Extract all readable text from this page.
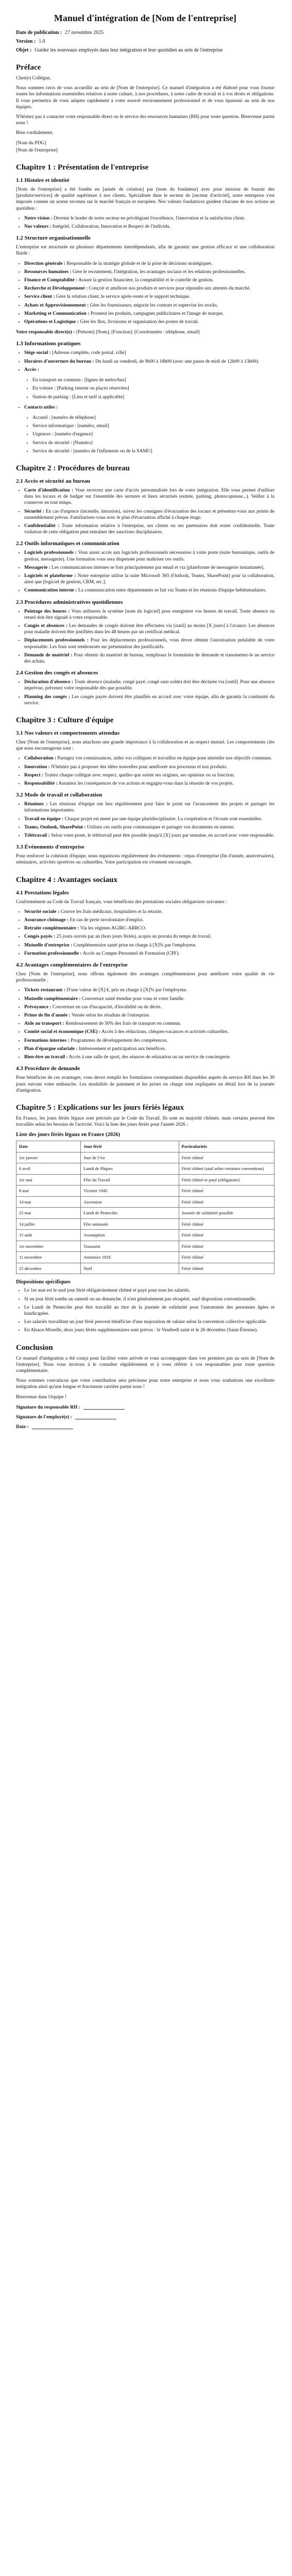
Manuel d'intégration de [Nom de l'entreprise]
Date de publication : 27 novembre 2025
Version : 1.0
Objet : Guider les nouveaux employés dans leur intégration et leur quotidien au sein de l'entreprise
Préface

Cher(e) Collègue,

Nous sommes ravis de vous accueillir au sein de [Nom de l'entreprise]. Ce manuel d'intégration a été élaboré pour vous fournir toutes les informations essentielles relatives à notre culture, à nos procédures, à notre cadre de travail et à vos droits et obligations. Il vous permettra de vous adapter rapidement à votre nouvel environnement professionnel et de vous épanouir au sein de nos équipes.

N'hésitez pas à contacter votre responsable direct ou le service des ressources humaines (RH) pour toute question. Bienvenue parmi nous !

Bien cordialement,

[Nom du PDG]

[Nom de l'entreprise]

Chapitre 1 : Présentation de l'entreprise
1.1 Histoire et identité

[Nom de l'entreprise] a été fondée en [année de création] par [nom du fondateur] avec pour mission de fournir des [produits/services] de qualité supérieure à nos clients. Spécialisée dans le secteur de [secteur d'activité], notre entreprise s'est imposée comme un acteur reconnu sur le marché français et européen. Nos valeurs fondatrices guident chacune de nos actions au quotidien :

• Notre vision : Devenir le leader de notre secteur en privilégiant l'excellence, l'innovation et la satisfaction client.
• Nos valeurs : Intégrité, Collaboration, Innovation et Respect de l'individu.
1.2 Structure organisationnelle

L'entreprise est structurée en plusieurs départements interdépendants, afin de garantir une gestion efficace et une collaboration fluide :

• Direction générale : Responsable de la stratégie globale et de la prise de décisions stratégiques.
• Ressources humaines : Gère le recrutement, l'intégration, les avantages sociaux et les relations professionnelles.
• Finance et Comptabilité : Assure la gestion financière, la comptabilité et le contrôle de gestion.
• Recherche et Développement : Conçoit et améliore nos produits et services pour répondre aux attentes du marché.
• Service client : Gère la relation client, le service après-vente et le support technique.
• Achats et Approvisionnement : Gère les fournisseurs, négocie les contrats et supervise les stocks.
• Marketing et Communication : Promeut les produits, campagnes publicitaires et l'image de marque.
• Opérations et Logistique : Gère les flux, livraisons et organisation des postes de travail.

Votre responsable direct(e) : [Prénom] [Nom], [Fonction]. [Coordonnées : téléphone, email]

1.3 Informations pratiques
• Siège social : [Adresse complète, code postal, ville]
• Horaires d'ouverture du bureau : Du lundi au vendredi, de 9h00 à 18h00 (avec une pause de midi de 12h00 à 13h00).
• Accès :
• En transport en commun : [lignes de métro/bus]
• En voiture : [Parking interne ou places réservées]
• Station de parking : [Lieu et tarif si applicable]
• Contacts utiles :
• Accueil : [numéro de téléphone]
• Service informatique : [numéro, email]
• Urgences : [numéro d'urgence]
• Service de sécurité : [Numéro]
• Service de sécurité : [numéro de l'infirmerie ou de la SAMU]
Chapitre 2 : Procédures de bureau
2.1 Accès et sécurité au bureau
• Carte d'identification : Vous recevrez une carte d'accès personnalisée lors de votre intégration. Elle vous permet d'utiliser dans les locaux et de badger sur l'ensemble des serrures et lieux sécurisés (entrée, parking, photocopieuse...). Veillez à la conserver en tout temps.
• Sécurité : En cas d'urgence (incendie, intrusion), suivez les consignes d'évacuation des locaux et présentez-vous aux points de rassemblement prévus. Familiarisez-vous avec le plan d'évacuation affiché à chaque étage.
• Confidentialité : Toute information relative à l'entreprise, ses clients ou ses partenaires doit rester confidentielle. Toute violation de cette obligation peut entraîner des sanctions disciplinaires.
2.2 Outils informatiques et communication
• Logiciels professionnels : Vous aurez accès aux logiciels professionnels nécessaires à votre poste (suite bureautique, outils de gestion, messagerie). Une formation vous sera dispensée pour maîtriser ces outils.
• Messagerie : Les communications internes se font principalement par email et via [plateforme de messagerie instantanée].
• Logiciels et plateforme : Notre entreprise utilise la suite Microsoft 365 (Outlook, Teams, SharePoint) pour la collaboration, ainsi que [logiciel de gestion, CRM, etc.].
• Communication interne : La communication entre départements se fait via Teams et les réunions d'équipe hebdomadaires.
2.3 Procédures administratives quotidiennes
• Pointage des heures : Vous utiliserez le système [nom du logiciel] pour enregistrer vos heures de travail. Toute absence ou retard doit être signalé à votre responsable.
• Congés et absences : Les demandes de congés doivent être effectuées via [outil] au moins [X jours] à l'avance. Les absences pour maladie doivent être justifiées dans les 48 heures par un certificat médical.
• Déplacements professionnels : Pour les déplacements professionnels, vous devez obtenir l'autorisation préalable de votre responsable. Les frais sont remboursés sur présentation des justificatifs.
• Demande de matériel : Pour obtenir du matériel de bureau, remplissez le formulaire de demande et transmettez-le au service des achats.
2.4 Gestion des congés et absences
• Déclaration d'absence : Toute absence (maladie, congé payé, congé sans solde) doit être déclarée via [outil]. Pour une absence imprévue, prévenez votre responsable dès que possible.
• Planning des congés : Les congés payés doivent être planifiés en accord avec votre équipe, afin de garantir la continuité du service.
Chapitre 3 : Culture d'équipe
3.1 Nos valeurs et comportements attendus

Chez [Nom de l'entreprise], nous attachons une grande importance à la collaboration et au respect mutuel. Les comportements clés que nous encourageons sont :

• Collaboration : Partagez vos connaissances, aidez vos collègues et travaillez en équipe pour atteindre nos objectifs communs.
• Innovation : N'hésitez pas à proposer des idées nouvelles pour améliorer nos processus et nos produits.
• Respect : Traitez chaque collègue avec respect, quelles que soient ses origines, ses opinions ou sa fonction.
• Responsabilité : Assumez les conséquences de vos actions et engagez-vous dans la réussite de vos projets.
3.2 Mode de travail et collaboration
• Réunions : Les réunions d'équipe ont lieu régulièrement pour faire le point sur l'avancement des projets et partager les informations importantes.
• Travail en équipe : Chaque projet est mené par une équipe pluridisciplinaire. La coopération et l'écoute sont essentielles.
• Teams, Outlook, SharePoint : Utilisez ces outils pour communiquer et partager vos documents en interne.
• Télétravail : Selon votre poste, le télétravail peut être possible jusqu'à [X] jours par semaine, en accord avec votre responsable.
3.3 Événements d'entreprise

Pour renforcer la cohésion d'équipe, nous organisons régulièrement des événements : repas d'entreprise (fin d'année, anniversaires), séminaires, activités sportives ou culturelles. Votre participation est vivement encouragée.

Chapitre 4 : Avantages sociaux
4.1 Prestations légales

Conformément au Code du Travail français, vous bénéficiez des prestations sociales obligatoires suivantes :

• Sécurité sociale : Couvre les frais médicaux, hospitaliers et la retraite.
• Assurance chômage : En cas de perte involontaire d'emploi.
• Retraite complémentaire : Via les régimes AGIRC-ARRCO.
• Congés payés : 25 jours ouvrés par an (hors jours fériés), acquis au prorata du temps de travail.
• Mutuelle d'entreprise : Complémentaire santé prise en charge à [X]% par l'employeur.
• Formation professionnelle : Accès au Compte Personnel de Formation (CPF).
4.2 Avantages complémentaires de l'entreprise

Chez [Nom de l'entreprise], nous offrons également des avantages complémentaires pour améliorer votre qualité de vie professionnelle :

• Tickets restaurant : D'une valeur de [X] €, pris en charge à [X]% par l'employeur.
• Mutuelle complémentaire : Couverture santé étendue pour vous et votre famille.
• Prévoyance : Couverture en cas d'incapacité, d'invalidité ou de décès.
• Prime de fin d'année : Versée selon les résultats de l'entreprise.
• Aide au transport : Remboursement de 50% des frais de transport en commun.
• Comité social et économique (CSE) : Accès à des réductions, chèques-vacances et activités culturelles.
• Formations internes : Programmes de développement des compétences.
• Plan d'épargne salariale : Intéressement et participation aux bénéfices.
• Bien-être au travail : Accès à une salle de sport, des séances de relaxation ou un service de conciergerie.
4.3 Procédure de demande

Pour bénéficier de ces avantages, vous devez remplir les formulaires correspondants disponibles auprès du service RH dans les 30 jours suivant votre embauche. Les modalités de paiement et les prises en charge sont expliquées en détail lors de la journée d'intégration.

Chapitre 5 : Explications sur les jours fériés légaux

En France, les jours fériés légaux sont précisés par le Code du Travail. Ils sont en majorité chômés, mais certains peuvent être travaillés selon les besoins de l'activité. Voici la liste des jours fériés pour l'année 2026 :

Liste des jours fériés légaux en France (2026)
Date	Jour férié	Particularités
1er janvier	Jour de l'An	Férié chômé
6 avril	Lundi de Pâques	Férié chômé (sauf selon certaines conventions)
1er mai	Fête du Travail	Férié chômé et payé (obligatoire)
8 mai	Victoire 1945	Férié chômé
14 mai	Ascension	Férié chômé
25 mai	Lundi de Pentecôte	Journée de solidarité possible
14 juillet	Fête nationale	Férié chômé
15 août	Assomption	Férié chômé
1er novembre	Toussaint	Férié chômé
11 novembre	Armistice 1918	Férié chômé
25 décembre	Noël	Férié chômé
Dispositions spécifiques
• Le 1er mai est le seul jour férié obligatoirement chômé et payé pour tous les salariés.
• Si un jour férié tombe un samedi ou un dimanche, il n'est généralement pas récupéré, sauf disposition conventionnelle.
• Le Lundi de Pentecôte peut être travaillé au titre de la journée de solidarité pour l'autonomie des personnes âgées et handicapées.
• Les salariés travaillant un jour férié peuvent bénéficier d'une majoration de salaire selon la convention collective applicable.
• En Alsace-Moselle, deux jours fériés supplémentaires sont prévus : le Vendredi saint et le 26 décembre (Saint-Étienne).
Conclusion

Ce manuel d'intégration a été conçu pour faciliter votre arrivée et vous accompagner dans vos premiers pas au sein de [Nom de l'entreprise]. Nous vous invitons à le consulter régulièrement et à vous référer à vos responsables pour toute question complémentaire.

Nous sommes convaincus que votre contribution sera précieuse pour notre entreprise et nous vous souhaitons une excellente intégration ainsi qu'une longue et fructueuse carrière parmi nous !

Bienvenue dans l'équipe !

Signature du responsable RH :
Signature de l'employé(e) :
Date :
